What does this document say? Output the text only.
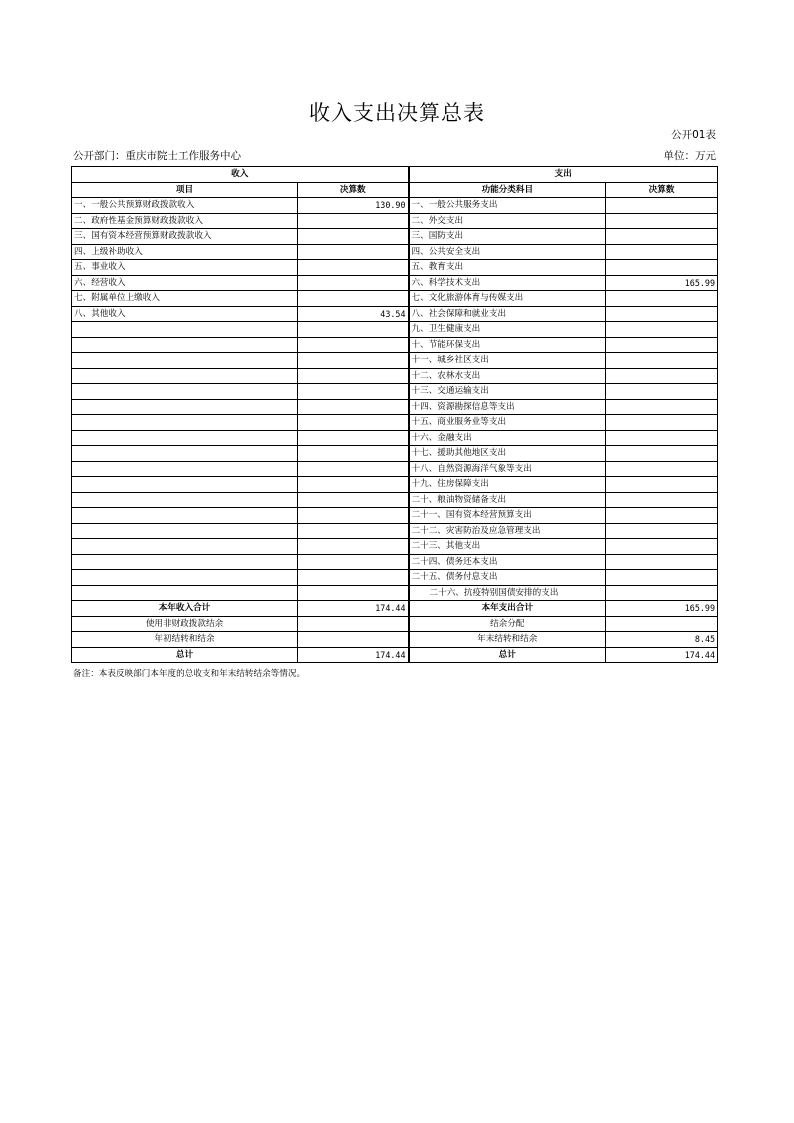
收入支出决算总表
公开01表
公开部门：重庆市院士工作服务中心	单位：万元
收入		支出	
项目	决算数	功能分类科目	决算数
一、一般公共预算财政拨款收入	130.90	一、一般公共服务支出	
二、政府性基金预算财政拨款收入		二、外交支出	
三、国有资本经营预算财政拨款收入		三、国防支出	
四、上级补助收入		四、公共安全支出	
五、事业收入		五、教育支出	
六、经营收入		六、科学技术支出	165.99
七、附属单位上缴收入		七、文化旅游体育与传媒支出	
八、其他收入	43.54	八、社会保障和就业支出	
		九、卫生健康支出	
		十、节能环保支出	
		十一、城乡社区支出	
		十二、农林水支出	
		十三、交通运输支出	
		十四、资源勘探信息等支出	
		十五、商业服务业等支出	
		十六、金融支出	
		十七、援助其他地区支出	
		十八、自然资源海洋气象等支出	
		十九、住房保障支出	
		二十、粮油物资储备支出	
		二十一、国有资本经营预算支出	
		二十二、灾害防治及应急管理支出	
		二十三、其他支出	
		二十四、债务还本支出	
		二十五、债务付息支出	
		二十六、抗疫特别国债安排的支出	
本年收入合计	174.44	本年支出合计	165.99
使用非财政拨款结余		结余分配	
年初结转和结余		年末结转和结余	8.45
总计	174.44	总计	174.44
备注：本表反映部门本年度的总收支和年末结转结余等情况。
